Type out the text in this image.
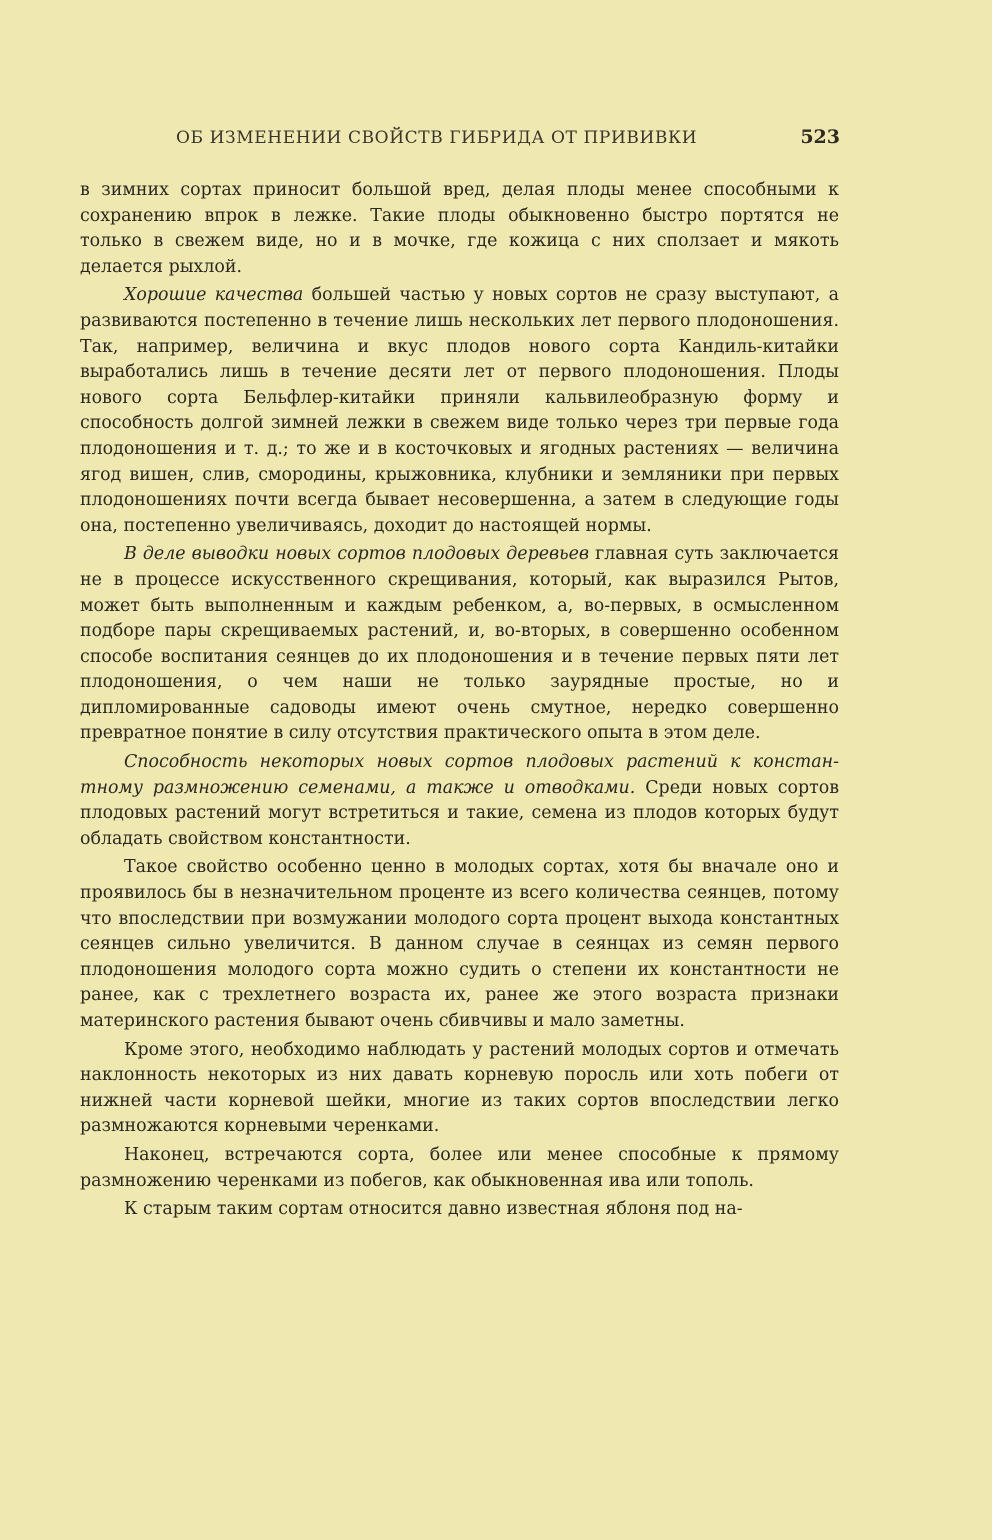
ОБ ИЗМЕНЕНИИ СВОЙСТВ ГИБРИДА ОТ ПРИВИВКИ	523

в зимних сортах приносит большой вред, делая плоды менее способными к сохранению впрок в лежке. Такие плоды обыкновенно быстро портятся не только в свежем виде, но и в мочке, где кожица с них сползает и мякоть делается рыхлой.

Хорошие качества большей частью у новых сортов не сразу выступают, а развиваются постепенно в течение лишь нескольких лет первого плодоношения. Так, например, величина и вкус плодов нового сорта Кандиль-китайки выработались лишь в течение десяти лет от первого плодоношения. Плоды нового сорта Бельфлер-китайки приняли кальвилеобразную форму и способность долгой зимней лежки в свежем виде только через три первые года плодоношения и т. д.; то же и в косточковых и ягодных растениях — величина ягод вишен, слив, смородины, крыжовника, клубники и земляники при первых плодоношениях почти всегда бывает несовершенна, а затем в следующие годы она, постепенно увеличиваясь, доходит до настоящей нормы.

В деле выводки новых сортов плодовых деревьев главная суть заключается не в процессе искусственного скрещивания, который, как выразился Рытов, может быть выполненным и каждым ребенком, а, во-первых, в осмысленном подборе пары скрещиваемых растений, и, во-вторых, в совершенно особенном способе воспитания сеянцев до их плодоношения и в течение первых пяти лет плодоношения, о чем наши не только заурядные простые, но и дипломированные садоводы имеют очень смутное, нередко совершенно превратное понятие в силу отсутствия практического опыта в этом деле.

Способность некоторых новых сортов плодовых растений к константному размножению семенами, а также и отводками. Среди новых сортов плодовых растений могут встретиться и такие, семена из плодов которых будут обладать свойством константности.

Такое свойство особенно ценно в молодых сортах, хотя бы вначале оно и проявилось бы в незначительном проценте из всего количества сеянцев, потому что впоследствии при возмужании молодого сорта процент выхода константных сеянцев сильно увеличится. В данном случае в сеянцах из семян первого плодоношения молодого сорта можно судить о степени их константности не ранее, как с трехлетнего возраста их, ранее же этого возраста признаки материнского растения бывают очень сбивчивы и мало заметны.

Кроме этого, необходимо наблюдать у растений молодых сортов и отмечать наклонность некоторых из них давать корневую поросль или хоть побеги от нижней части корневой шейки, многие из таких сортов впоследствии легко размножаются корневыми черенками.

Наконец, встречаются сорта, более или менее способные к прямому размножению черенками из побегов, как обыкновенная ива или тополь.

К старым таким сортам относится давно известная яблоня под на-
